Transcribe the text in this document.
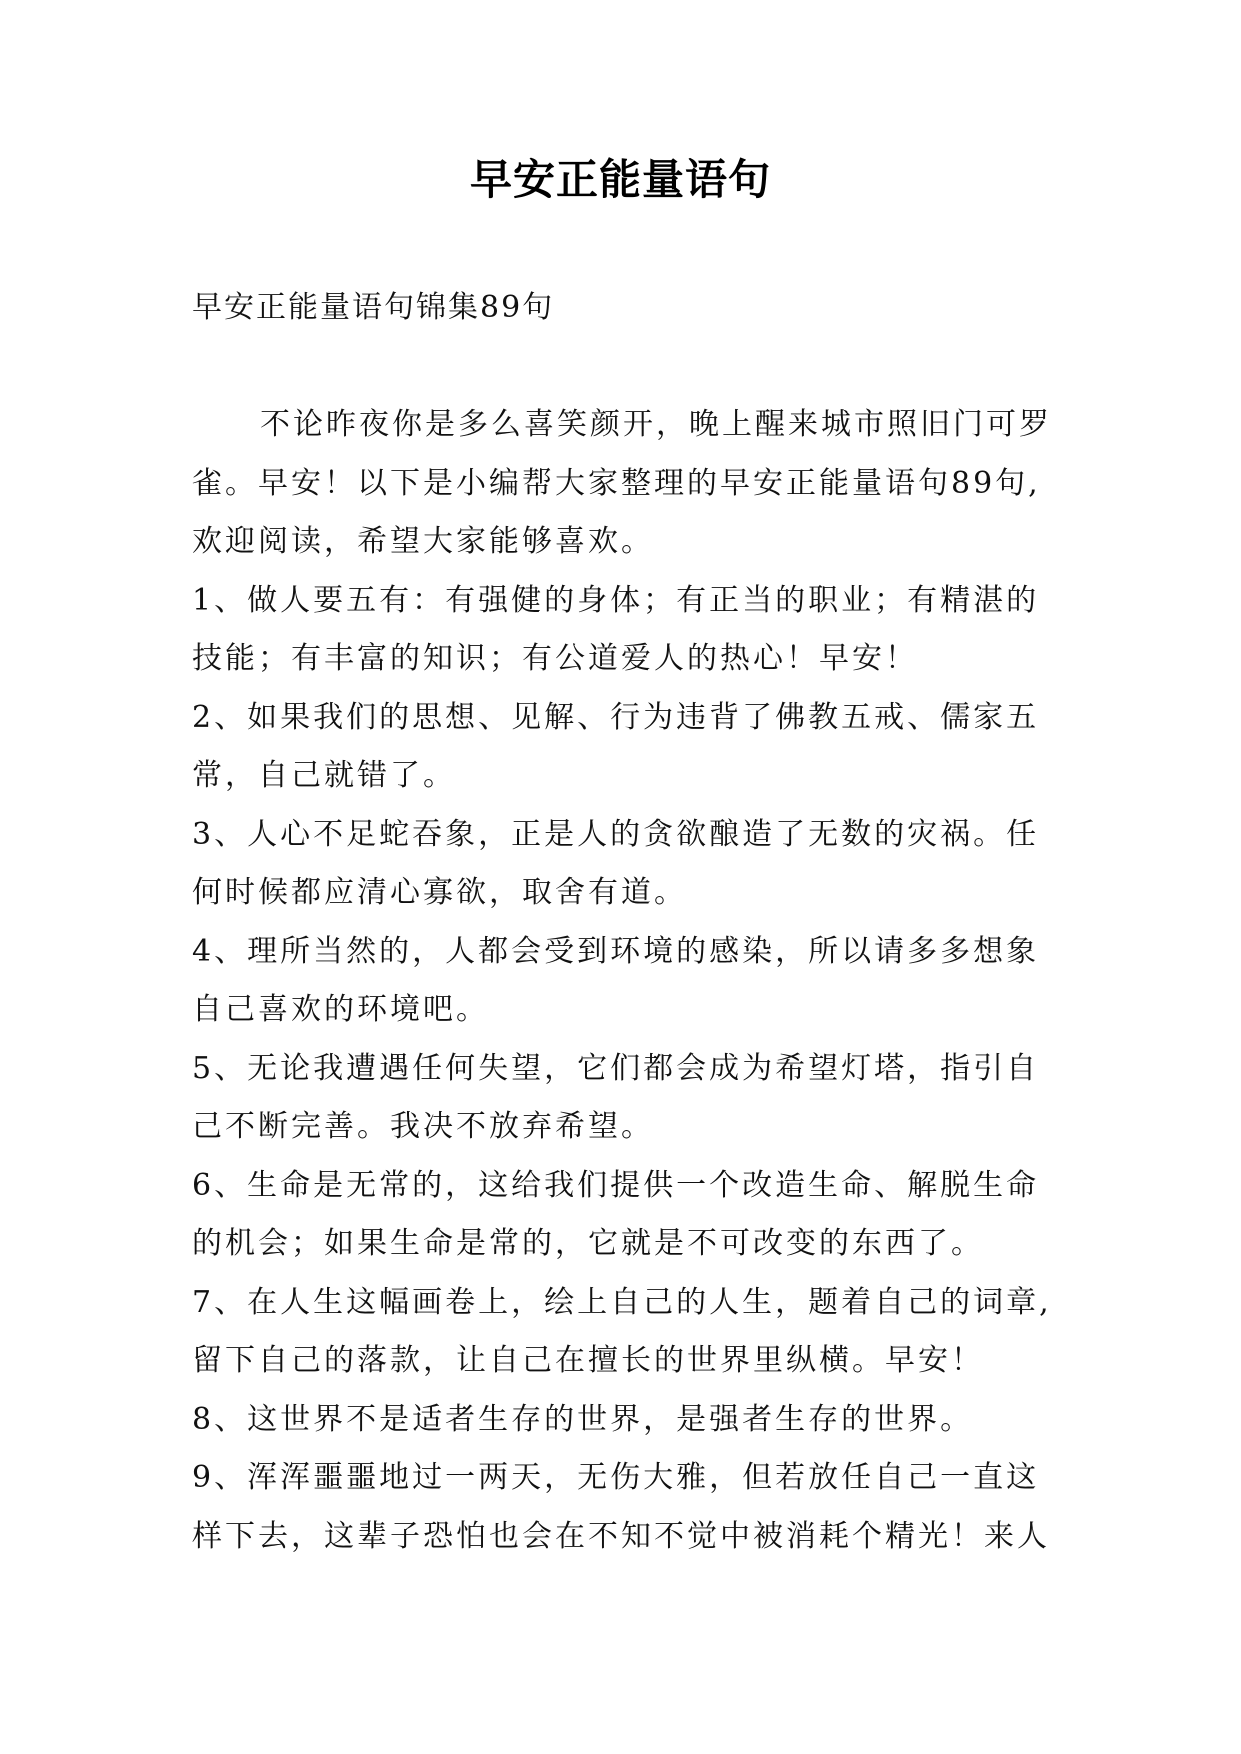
早安正能量语句
早安正能量语句锦集89句
不论昨夜你是多么喜笑颜开，晚上醒来城市照旧门可罗
雀。早安！以下是小编帮大家整理的早安正能量语句89句,
欢迎阅读，希望大家能够喜欢。
1、做人要五有：有强健的身体；有正当的职业；有精湛的
技能；有丰富的知识；有公道爱人的热心！早安！
2、如果我们的思想、见解、行为违背了佛教五戒、儒家五
常，自己就错了。
3、人心不足蛇吞象，正是人的贪欲酿造了无数的灾祸。任
何时候都应清心寡欲，取舍有道。
4、理所当然的，人都会受到环境的感染，所以请多多想象
自己喜欢的环境吧。
5、无论我遭遇任何失望，它们都会成为希望灯塔，指引自
己不断完善。我决不放弃希望。
6、生命是无常的，这给我们提供一个改造生命、解脱生命
的机会；如果生命是常的，它就是不可改变的东西了。
7、在人生这幅画卷上，绘上自己的人生，题着自己的词章,
留下自己的落款，让自己在擅长的世界里纵横。早安！
8、这世界不是适者生存的世界，是强者生存的世界。
9、浑浑噩噩地过一两天，无伤大雅，但若放任自己一直这
样下去，这辈子恐怕也会在不知不觉中被消耗个精光！来人
